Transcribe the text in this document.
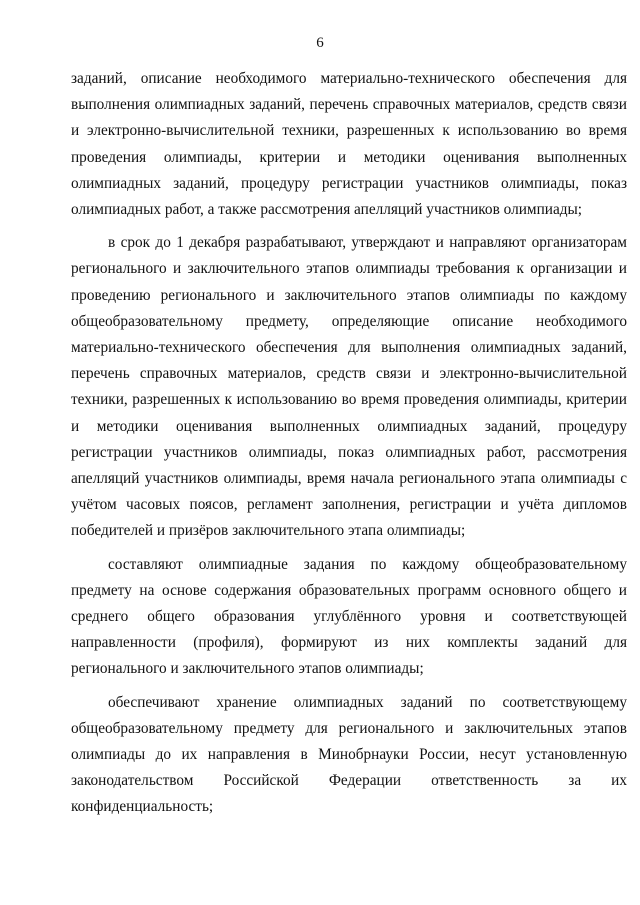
6

заданий, описание необходимого материально-технического обеспечения для выполнения олимпиадных заданий, перечень справочных материалов, средств связи и электронно-вычислительной техники, разрешенных к использованию во время проведения олимпиады, критерии и методики оценивания выполненных олимпиадных заданий, процедуру регистрации участников олимпиады, показ олимпиадных работ, а также рассмотрения апелляций участников олимпиады;

в срок до 1 декабря разрабатывают, утверждают и направляют организаторам регионального и заключительного этапов олимпиады требования к организации и проведению регионального и заключительного этапов олимпиады по каждому общеобразовательному предмету, определяющие описание необходимого материально-технического обеспечения для выполнения олимпиадных заданий, перечень справочных материалов, средств связи и электронно-вычислительной техники, разрешенных к использованию во время проведения олимпиады, критерии и методики оценивания выполненных олимпиадных заданий, процедуру регистрации участников олимпиады, показ олимпиадных работ, рассмотрения апелляций участников олимпиады, время начала регионального этапа олимпиады с учётом часовых поясов, регламент заполнения, регистрации и учёта дипломов победителей и призёров заключительного этапа олимпиады;

составляют олимпиадные задания по каждому общеобразовательному предмету на основе содержания образовательных программ основного общего и среднего общего образования углублённого уровня и соответствующей направленности (профиля), формируют из них комплекты заданий для регионального и заключительного этапов олимпиады;

обеспечивают хранение олимпиадных заданий по соответствующему общеобразовательному предмету для регионального и заключительных этапов олимпиады до их направления в Минобрнауки России, несут установленную законодательством Российской Федерации ответственность за их конфиденциальность;
